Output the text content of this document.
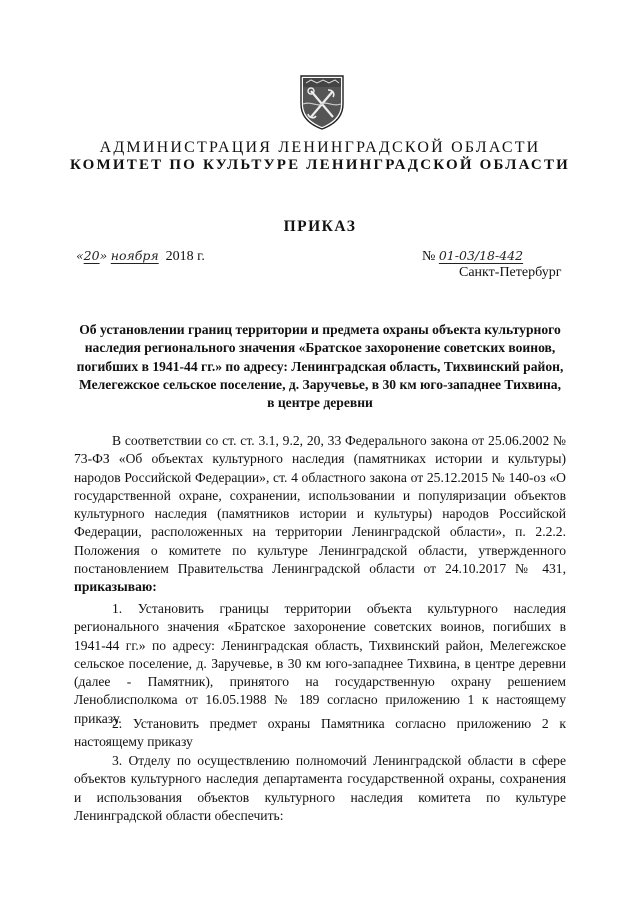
АДМИНИСТРАЦИЯ ЛЕНИНГРАДСКОЙ ОБЛАСТИ
КОМИТЕТ ПО КУЛЬТУРЕ ЛЕНИНГРАДСКОЙ ОБЛАСТИ
ПРИКАЗ
«20» ноября 2018 г.	№ 01-03/18-442
Санкт-Петербург
Об установлении границ территории и предмета охраны объекта культурного наследия регионального значения «Братское захоронение советских воинов, погибших в 1941-44 гг.» по адресу: Ленинградская область, Тихвинский район, Мелегежское сельское поселение, д. Заручевье, в 30 км юго-западнее Тихвина, в центре деревни

В соответствии со ст. ст. 3.1, 9.2, 20, 33 Федерального закона от 25.06.2002 № 73-ФЗ «Об объектах культурного наследия (памятниках истории и культуры) народов Российской Федерации», ст. 4 областного закона от 25.12.2015 № 140-оз «О государственной охране, сохранении, использовании и популяризации объектов культурного наследия (памятников истории и культуры) народов Российской Федерации, расположенных на территории Ленинградской области», п. 2.2.2. Положения о комитете по культуре Ленинградской области, утвержденного постановлением Правительства Ленинградской области от 24.10.2017 № 431, приказываю:

1. Установить границы территории объекта культурного наследия регионального значения «Братское захоронение советских воинов, погибших в 1941-44 гг.» по адресу: Ленинградская область, Тихвинский район, Мелегежское сельское поселение, д. Заручевье, в 30 км юго-западнее Тихвина, в центре деревни (далее - Памятник), принятого на государственную охрану решением Леноблисполкома от 16.05.1988 № 189 согласно приложению 1 к настоящему приказу.

2. Установить предмет охраны Памятника согласно приложению 2 к настоящему приказу

3. Отделу по осуществлению полномочий Ленинградской области в сфере объектов культурного наследия департамента государственной охраны, сохранения и использования объектов культурного наследия комитета по культуре Ленинградской области обеспечить:
